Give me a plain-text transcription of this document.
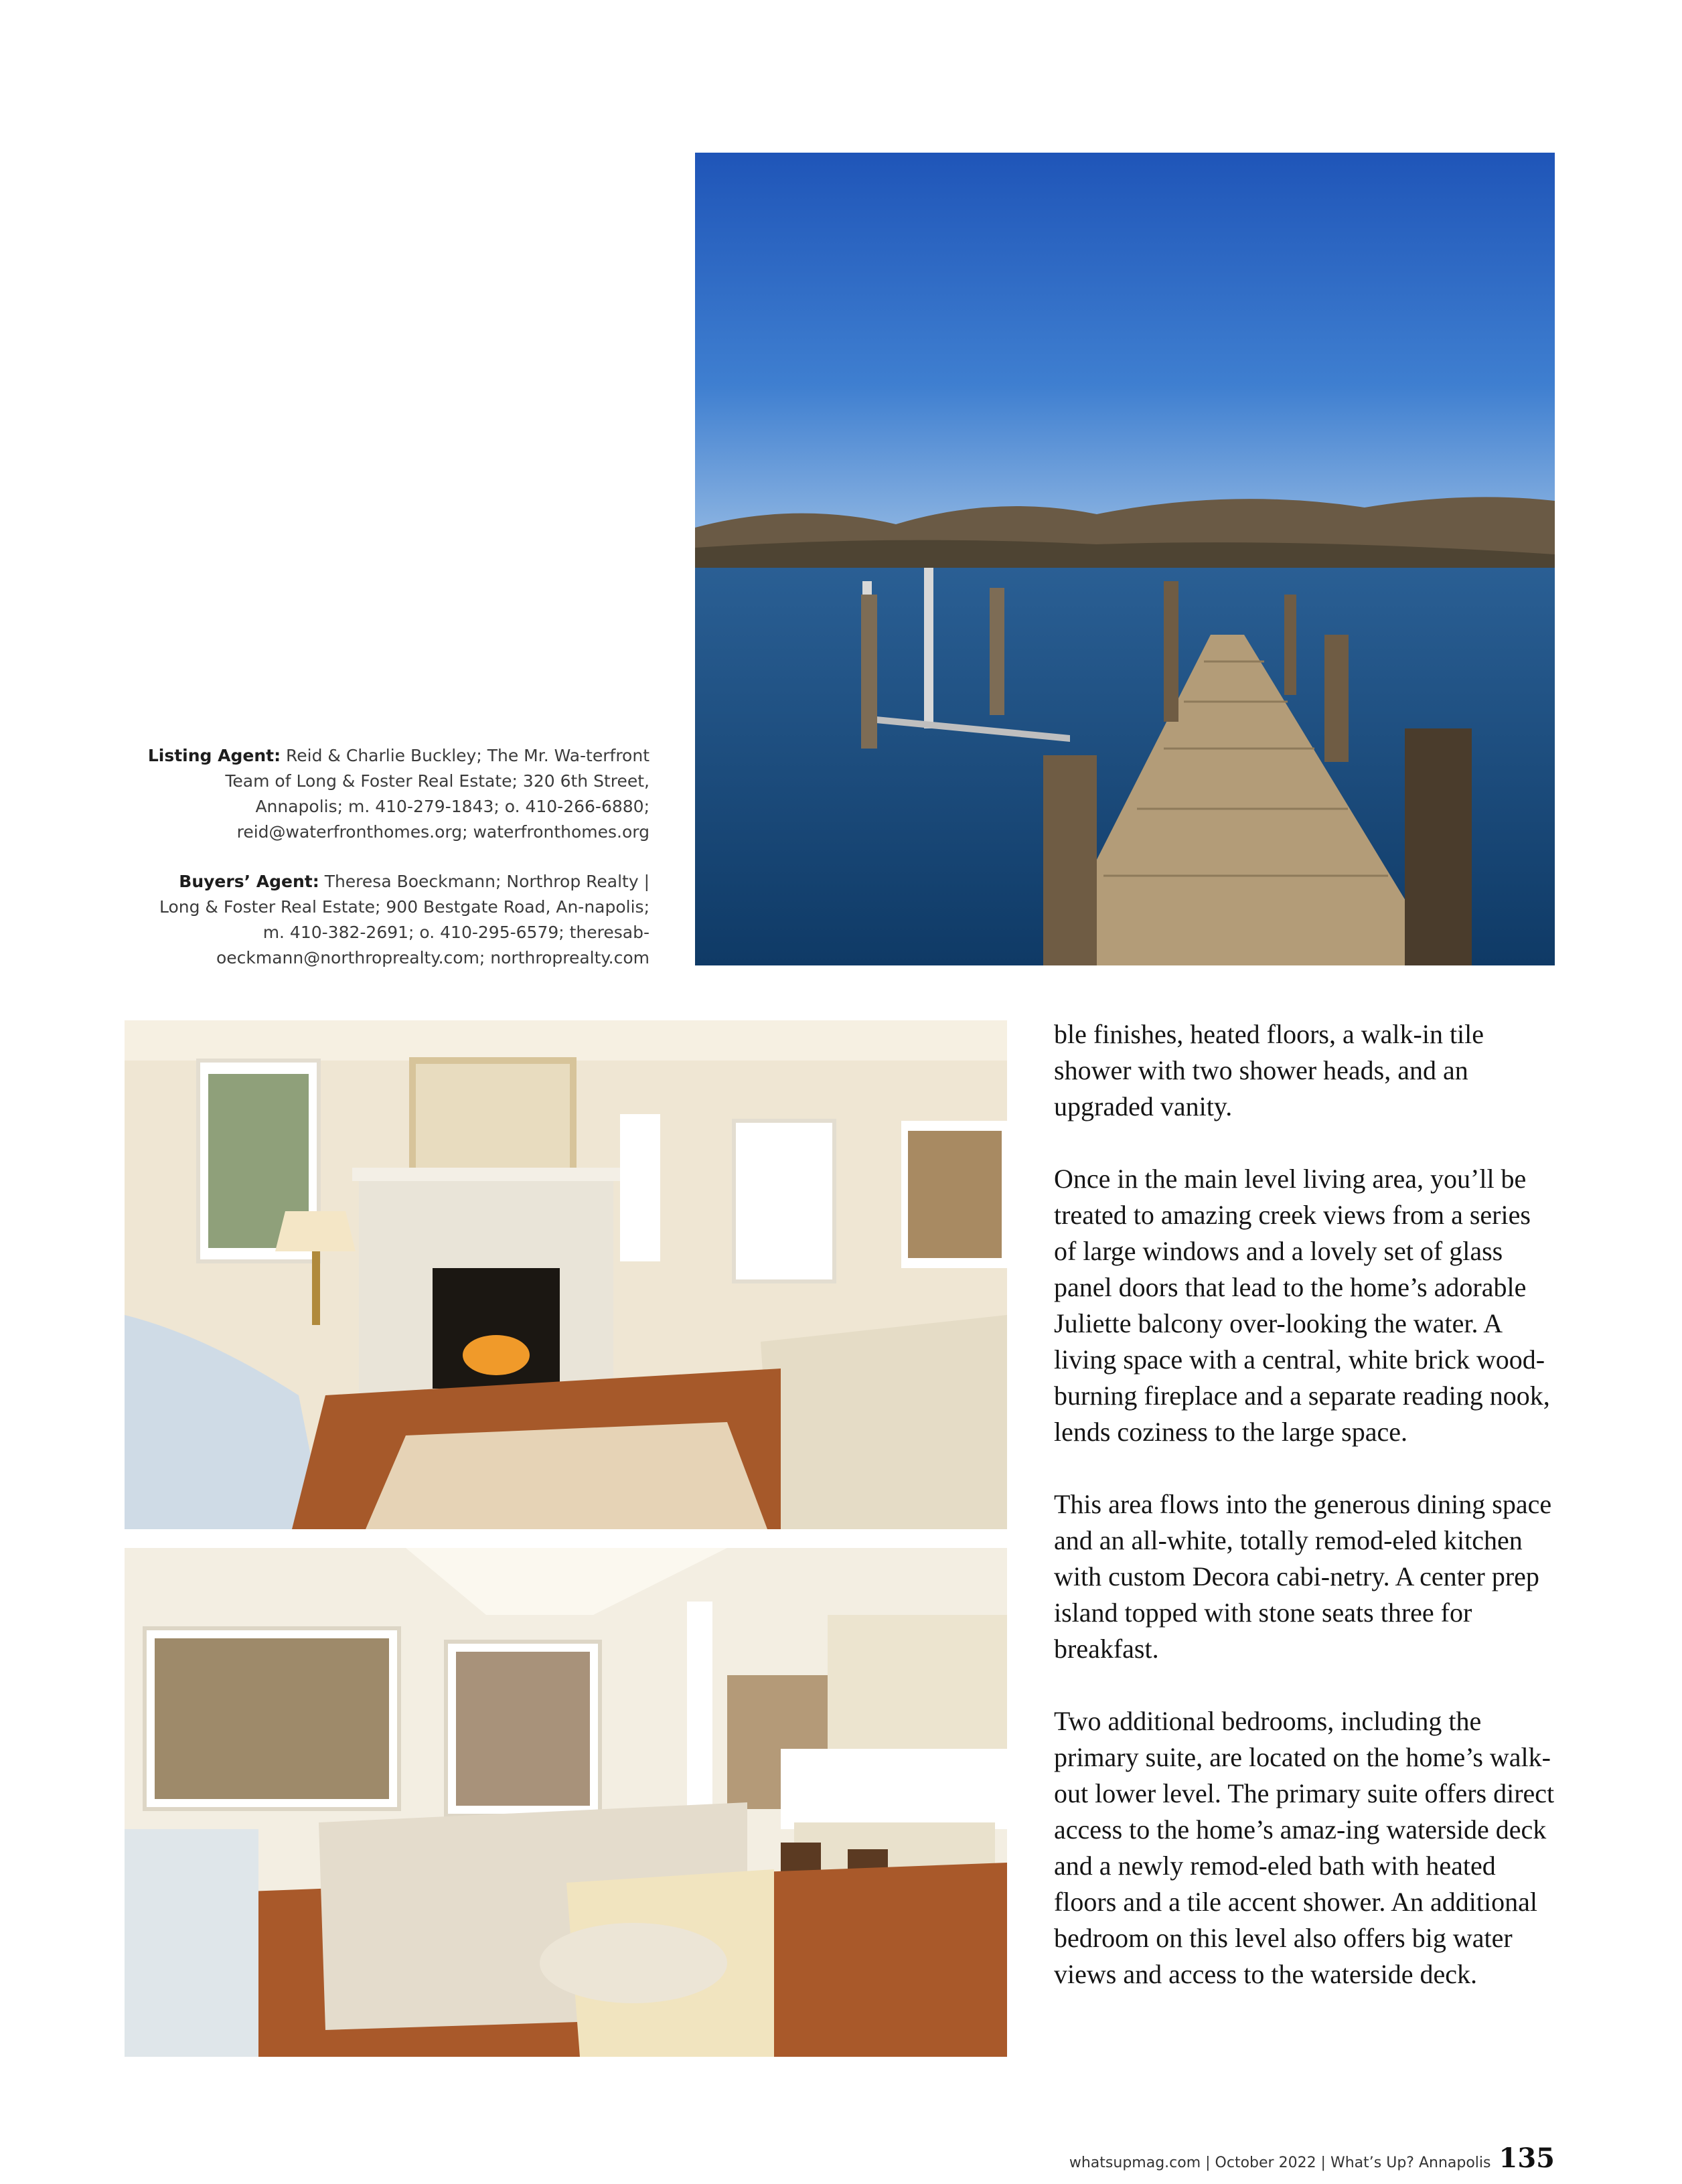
Listing Agent: Reid & Charlie Buckley; The Mr. Wa-terfront Team of Long & Foster Real Estate; 320 6th Street, Annapolis; m. 410-279-1843; o. 410-266-6880; reid@waterfronthomes.org; waterfronthomes.org
Buyers’ Agent: Theresa Boeckmann; Northrop Realty | Long & Foster Real Estate; 900 Bestgate Road, An-napolis; m. 410-382-2691; o. 410-295-6579; theresab-oeckmann@northroprealty.com; northroprealty.com

ble finishes, heated floors, a walk-in tile shower with two shower heads, and an upgraded vanity.

Once in the main level living area, you’ll be treated to amazing creek views from a series of large windows and a lovely set of glass panel doors that lead to the home’s adorable Juliette balcony over-looking the water. A living space with a central, white brick wood-burning fireplace and a separate reading nook, lends coziness to the large space.

This area flows into the generous dining space and an all-white, totally remod-eled kitchen with custom Decora cabi-netry. A center prep island topped with stone seats three for breakfast.

Two additional bedrooms, including the primary suite, are located on the home’s walk-out lower level. The primary suite offers direct access to the home’s amaz-ing waterside deck and a newly remod-eled bath with heated floors and a tile accent shower. An additional bedroom on this level also offers big water views and access to the waterside deck.

whatsupmag.com | October 2022 | What’s Up? Annapolis 135
